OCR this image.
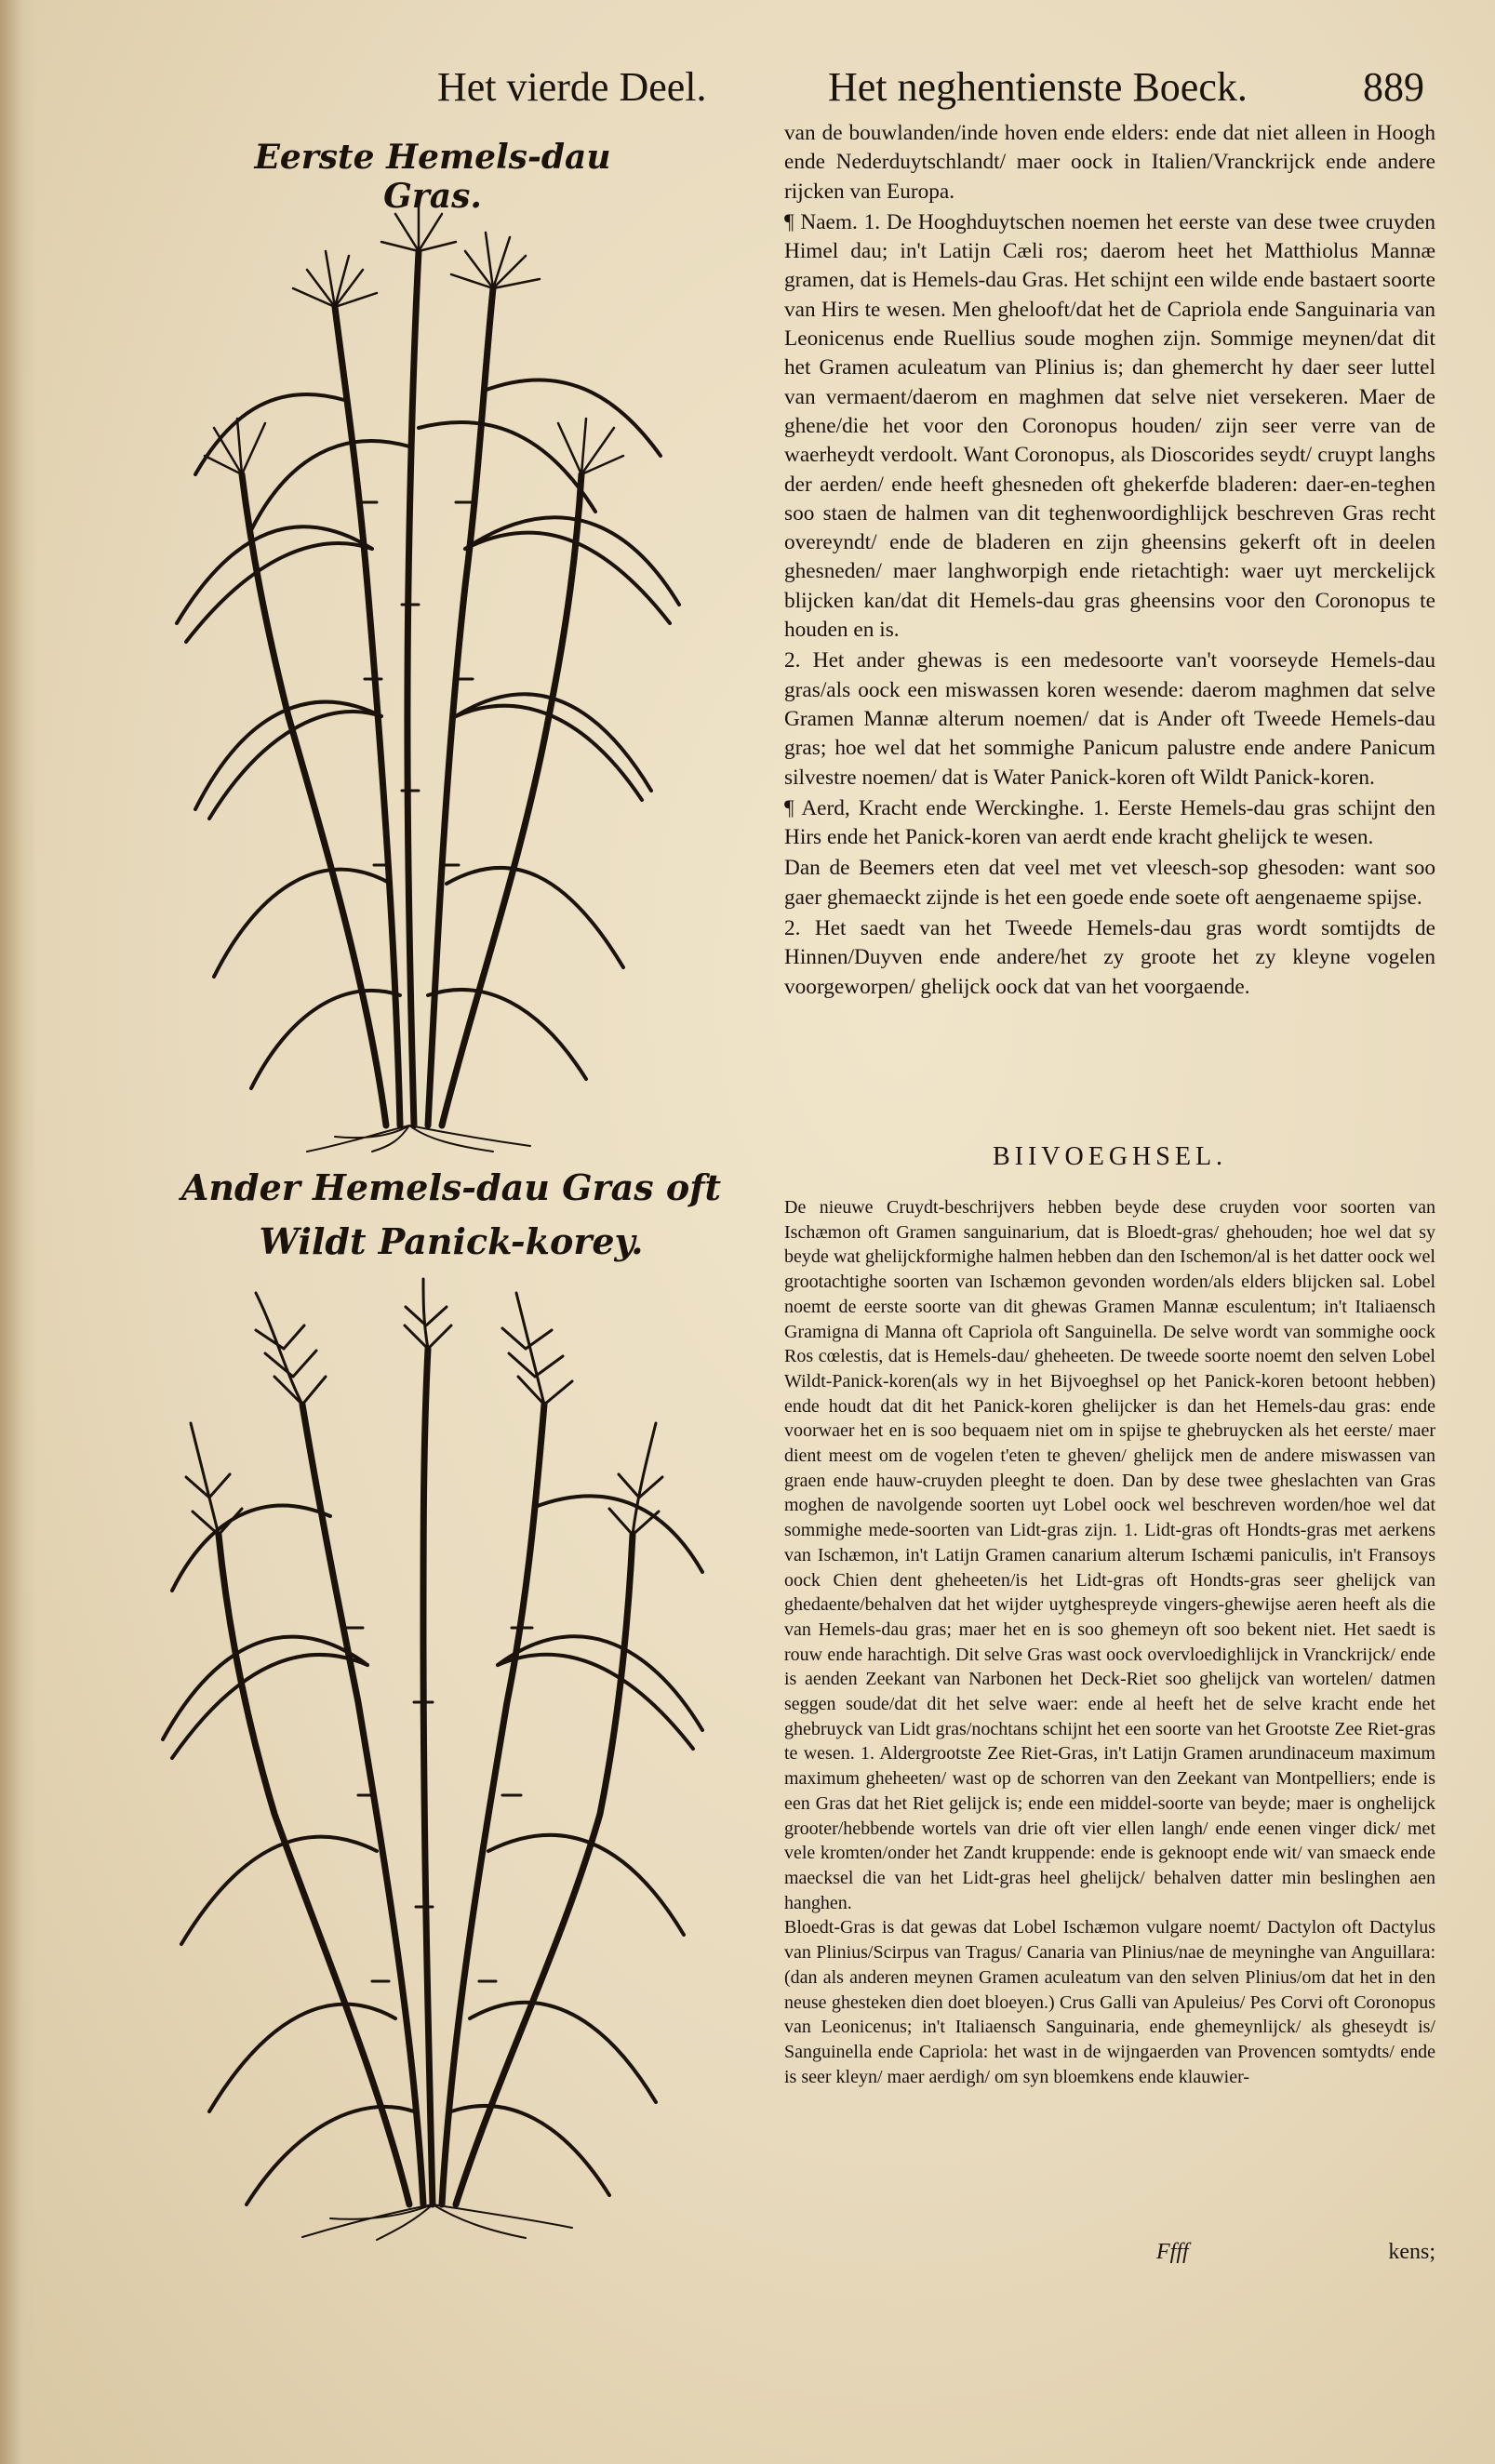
Het vierde Deel.	Het neghentienste Boeck.	889
Eerste Hemels-dau Gras.
Ander Hemels-dau Gras oft Wildt Panick-korey.

van de bouwlanden/inde hoven ende elders: ende dat niet alleen in Hoogh ende Nederduytschlandt/ maer oock in Italien/Vranckrijck ende andere rijcken van Europa.

¶ Naem. 1. De Hooghduytschen noemen het eerste van dese twee cruyden Himel dau; in't Latijn Cæli ros; daerom heet het Matthiolus Mannæ gramen, dat is Hemels-dau Gras. Het schijnt een wilde ende bastaert soorte van Hirs te wesen. Men ghelooft/dat het de Capriola ende Sanguinaria van Leonicenus ende Ruellius soude moghen zijn. Sommige meynen/dat dit het Gramen aculeatum van Plinius is; dan ghemercht hy daer seer luttel van vermaent/daerom en maghmen dat selve niet versekeren. Maer de ghene/die het voor den Coronopus houden/ zijn seer verre van de waerheydt verdoolt. Want Coronopus, als Dioscorides seydt/ cruypt langhs der aerden/ ende heeft ghesneden oft ghekerfde bladeren: daer-en-teghen soo staen de halmen van dit teghenwoordighlijck beschreven Gras recht overeyndt/ ende de bladeren en zijn gheensins gekerft oft in deelen ghesneden/ maer langhworpigh ende rietachtigh: waer uyt merckelijck blijcken kan/dat dit Hemels-dau gras gheensins voor den Coronopus te houden en is.

2. Het ander ghewas is een medesoorte van't voorseyde Hemels-dau gras/als oock een miswassen koren wesende: daerom maghmen dat selve Gramen Mannæ alterum noemen/ dat is Ander oft Tweede Hemels-dau gras; hoe wel dat het sommighe Panicum palustre ende andere Panicum silvestre noemen/ dat is Water Panick-koren oft Wildt Panick-koren.

¶ Aerd, Kracht ende Werckinghe. 1. Eerste Hemels-dau gras schijnt den Hirs ende het Panick-koren van aerdt ende kracht ghelijck te wesen.

Dan de Beemers eten dat veel met vet vleesch-sop ghesoden: want soo gaer ghemaeckt zijnde is het een goede ende soete oft aengenaeme spijse.

2. Het saedt van het Tweede Hemels-dau gras wordt somtijdts de Hinnen/Duyven ende andere/het zy groote het zy kleyne vogelen voorgeworpen/ ghelijck oock dat van het voorgaende.

BIIVOEGHSEL.

De nieuwe Cruydt-beschrijvers hebben beyde dese cruyden voor soorten van Ischæmon oft Gramen sanguinarium, dat is Bloedt-gras/ ghehouden; hoe wel dat sy beyde wat ghelijckformighe halmen hebben dan den Ischemon/al is het datter oock wel grootachtighe soorten van Ischæmon gevonden worden/als elders blijcken sal. Lobel noemt de eerste soorte van dit ghewas Gramen Mannæ esculentum; in't Italiaensch Gramigna di Manna oft Capriola oft Sanguinella. De selve wordt van sommighe oock Ros cœlestis, dat is Hemels-dau/ gheheeten. De tweede soorte noemt den selven Lobel Wildt-Panick-koren(als wy in het Bijvoeghsel op het Panick-koren betoont hebben) ende houdt dat dit het Panick-koren ghelijcker is dan het Hemels-dau gras: ende voorwaer het en is soo bequaem niet om in spijse te ghebruycken als het eerste/ maer dient meest om de vogelen t'eten te gheven/ ghelijck men de andere miswassen van graen ende hauw-cruyden pleeght te doen. Dan by dese twee gheslachten van Gras moghen de navolgende soorten uyt Lobel oock wel beschreven worden/hoe wel dat sommighe mede-soorten van Lidt-gras zijn. 1. Lidt-gras oft Hondts-gras met aerkens van Ischæmon, in't Latijn Gramen canarium alterum Ischæmi paniculis, in't Fransoys oock Chien dent gheheeten/is het Lidt-gras oft Hondts-gras seer ghelijck van ghedaente/behalven dat het wijder uytghespreyde vingers-ghewijse aeren heeft als die van Hemels-dau gras; maer het en is soo ghemeyn oft soo bekent niet. Het saedt is rouw ende harachtigh. Dit selve Gras wast oock overvloedighlijck in Vranckrijck/ ende is aenden Zeekant van Narbonen het Deck-Riet soo ghelijck van wortelen/ datmen seggen soude/dat dit het selve waer: ende al heeft het de selve kracht ende het ghebruyck van Lidt gras/nochtans schijnt het een soorte van het Grootste Zee Riet-gras te wesen. 1. Aldergrootste Zee Riet-Gras, in't Latijn Gramen arundinaceum maximum maximum gheheeten/ wast op de schorren van den Zeekant van Montpelliers; ende is een Gras dat het Riet gelijck is; ende een middel-soorte van beyde; maer is onghelijck grooter/hebbende wortels van drie oft vier ellen langh/ ende eenen vinger dick/ met vele kromten/onder het Zandt kruppende: ende is geknoopt ende wit/ van smaeck ende maecksel die van het Lidt-gras heel ghelijck/ behalven datter min beslinghen aen hanghen.

Bloedt-Gras is dat gewas dat Lobel Ischæmon vulgare noemt/ Dactylon oft Dactylus van Plinius/Scirpus van Tragus/ Canaria van Plinius/nae de meyninghe van Anguillara: (dan als anderen meynen Gramen aculeatum van den selven Plinius/om dat het in den neuse ghesteken dien doet bloeyen.) Crus Galli van Apuleius/ Pes Corvi oft Coronopus van Leonicenus; in't Italiaensch Sanguinaria, ende ghemeynlijck/ als gheseydt is/ Sanguinella ende Capriola: het wast in de wijngaerden van Provencen somtydts/ ende is seer kleyn/ maer aerdigh/ om syn bloemkens ende klauwier-

Ffff	kens;
